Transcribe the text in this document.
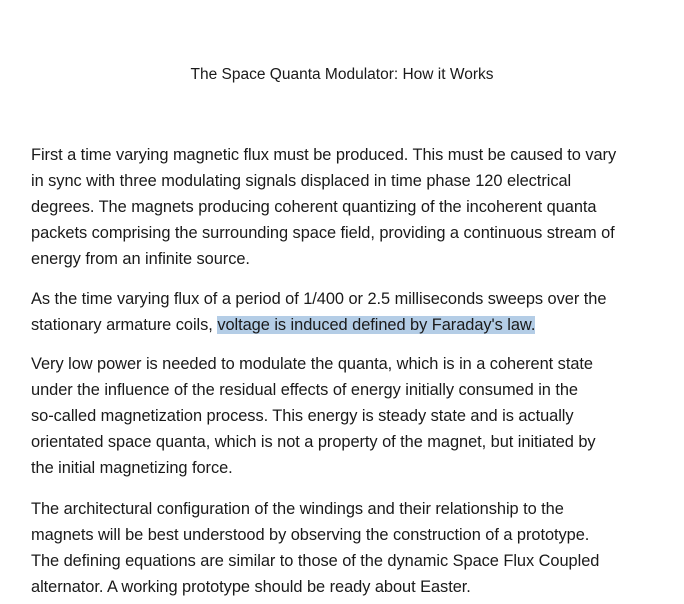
The Space Quanta Modulator: How it Works
First a time varying magnetic flux must be produced. This must be caused to vary
in sync with three modulating signals displaced in time phase 120 electrical
degrees. The magnets producing coherent quantizing of the incoherent quanta
packets comprising the surrounding space field, providing a continuous stream of
energy from an infinite source.
As the time varying flux of a period of 1/400 or 2.5 milliseconds sweeps over the
stationary armature coils, voltage is induced defined by Faraday's law.
Very low power is needed to modulate the quanta, which is in a coherent state
under the influence of the residual effects of energy initially consumed in the
so-called magnetization process. This energy is steady state and is actually
orientated space quanta, which is not a property of the magnet, but initiated by
the initial magnetizing force.
The architectural configuration of the windings and their relationship to the
magnets will be best understood by observing the construction of a prototype.
The defining equations are similar to those of the dynamic Space Flux Coupled
alternator. A working prototype should be ready about Easter.
